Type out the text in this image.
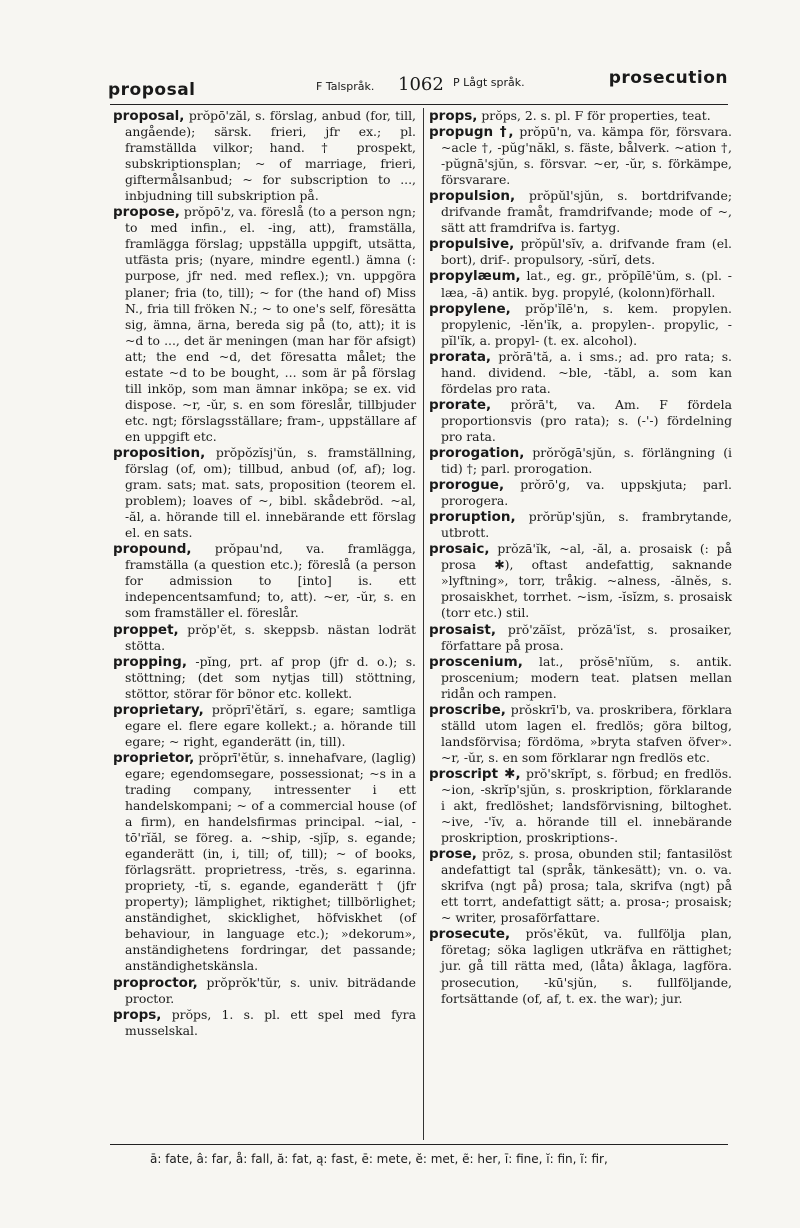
proposal	F Talspråk. 1062 P Lågt språk.	prosecution

proposal, prŏpō'zăl, s. förslag, anbud (for, till, angående); särsk. frieri, jfr ex.; pl. framställda vilkor; hand. † prospekt, subskriptionsplan; ~ of marriage, frieri, giftermålsanbud; ~ for subscription to ..., inbjudning till subskription på.

propose, prŏpō'z, va. föreslå (to a person ngn; to med infin., el. -ing, att), framställa, framlägga förslag; uppställa uppgift, utsätta, utfästa pris; (nyare, mindre egentl.) ämna (: purpose, jfr ned. med reflex.); vn. uppgöra planer; fria (to, till); ~ for (the hand of) Miss N., fria till fröken N.; ~ to one's self, föresätta sig, ämna, ärna, bereda sig på (to, att); it is ~d to ..., det är meningen (man har för afsigt) att; the end ~d, det föresatta målet; the estate ~d to be bought, ... som är på förslag till inköp, som man ämnar inköpa; se ex. vid dispose. ~r, -ŭr, s. en som föreslår, tillbjuder etc. ngt; förslagsställare; fram-, uppställare af en uppgift etc.

proposition, prŏpŏzĭsj'ŭn, s. framställning, förslag (of, om); tillbud, anbud (of, af); log. gram. sats; mat. sats, proposition (teorem el. problem); loaves of ~, bibl. skådebröd. ~al, -ăl, a. hörande till el. innebärande ett förslag el. en sats.

propound, prŏpau'nd, va. framlägga, framställa (a question etc.); föreslå (a person for admission to [into] is. ett indepencentsamfund; to, att). ~er, -ŭr, s. en som framställer el. föreslår.

proppet, prŏp'ĕt, s. skeppsb. nästan lodrät stötta.

propping, -pĭng, prt. af prop (jfr d. o.); s. stöttning; (det som nytjas till) stöttning, stöttor, störar för bönor etc. kollekt.

proprietary, prŏprī'ĕtărĭ, s. egare; samtliga egare el. flere egare kollekt.; a. hörande till egare; ~ right, eganderätt (in, till).

proprietor, prŏprī'ĕtŭr, s. innehafvare, (laglig) egare; egendomsegare, possessionat; ~s in a trading company, intressenter i ett handelskompani; ~ of a commercial house (of a firm), en handelsfirmas principal. ~ial, -tō'rĭăl, se föreg. a. ~ship, -sjĭp, s. egande; eganderätt (in, i, till; of, till); ~ of books, förlagsrätt. proprietress, -trĕs, s. egarinna. propriety, -tĭ, s. egande, eganderätt † (jfr property); lämplighet, riktighet; tillbörlighet; anständighet, skicklighet, höfviskhet (of behaviour, in language etc.); »dekorum», anständighetens fordringar, det passande; anständighetskänsla.

proproctor, prŏprŏk'tŭr, s. univ. biträdande proctor.

props, prŏps, 1. s. pl. ett spel med fyra musselskal.

props, prŏps, 2. s. pl. F för properties, teat.

propugn †, prŏpū'n, va. kämpa för, försvara. ~acle †, -pŭg'năkl, s. fäste, bålverk. ~ation †, -pŭgnā'sjŭn, s. försvar. ~er, -ŭr, s. förkämpe, försvarare.

propulsion, prŏpŭl'sjŭn, s. bortdrifvande; drifvande framåt, framdrifvande; mode of ~, sätt att framdrifva is. fartyg.

propulsive, prŏpŭl'sĭv, a. drifvande fram (el. bort), drif-. propulsory, -sŭrĭ, dets.

propylæum, lat., eg. gr., prŏpĭlē'ŭm, s. (pl. -læa, -ā) antik. byg. propylé, (kolonn)förhall.

propylene, prŏp'ĭlē'n, s. kem. propylen. propylenic, -lĕn'ĭk, a. propylen-. propylic, -pĭl'ĭk, a. propyl- (t. ex. alcohol).

prorata, prŏrā'tă, a. i sms.; ad. pro rata; s. hand. dividend. ~ble, -tăbl, a. som kan fördelas pro rata.

prorate, prŏrā't, va. Am. F fördela proportionsvis (pro rata); s. (-'-) fördelning pro rata.

prorogation, prŏrŏgā'sjŭn, s. förlängning (i tid) †; parl. prorogation.

prorogue, prŏrō'g, va. uppskjuta; parl. prorogera.

proruption, prŏrŭp'sjŭn, s. frambrytande, utbrott.

prosaic, prŏzā'ĭk, ~al, -ăl, a. prosaisk (: på prosa ✱), oftast andefattig, saknande »lyftning», torr, tråkig. ~alness, -ălnĕs, s. prosaiskhet, torrhet. ~ism, -ĭsĭzm, s. prosaisk (torr etc.) stil.

prosaist, prŏ'zăĭst, prŏzā'ĭst, s. prosaiker, författare på prosa.

proscenium, lat., prŏsē'nĭŭm, s. antik. proscenium; modern teat. platsen mellan ridån och rampen.

proscribe, prŏskrī'b, va. proskribera, förklara ställd utom lagen el. fredlös; göra biltog, landsförvisa; fördöma, »bryta stafven öfver». ~r, -ŭr, s. en som förklarar ngn fredlös etc.

proscript ✱, prŏ'skrĭpt, s. förbud; en fredlös. ~ion, -skrĭp'sjŭn, s. proskription, förklarande i akt, fredlöshet; landsförvisning, biltoghet. ~ive, -'ĭv, a. hörande till el. innebärande proskription, proskriptions-.

prose, prōz, s. prosa, obunden stil; fantasilöst andefattigt tal (språk, tänkesätt); vn. o. va. skrifva (ngt på) prosa; tala, skrifva (ngt) på ett torrt, andefattigt sätt; a. prosa-; prosaisk; ~ writer, prosaförfattare.

prosecute, prŏs'ĕkūt, va. fullfölja plan, företag; söka lagligen utkräfva en rättighet; jur. gå till rätta med, (låta) åklaga, lagföra. prosecution, -kū'sjŭn, s. fullföljande, fortsättande (of, af, t. ex. the war); jur.

ā: fate, â: far, å: fall, ă: fat, ą: fast, ē: mete, ĕ: met, ẽ: her, ī: fine, ĭ: fin, ĩ: fir,
